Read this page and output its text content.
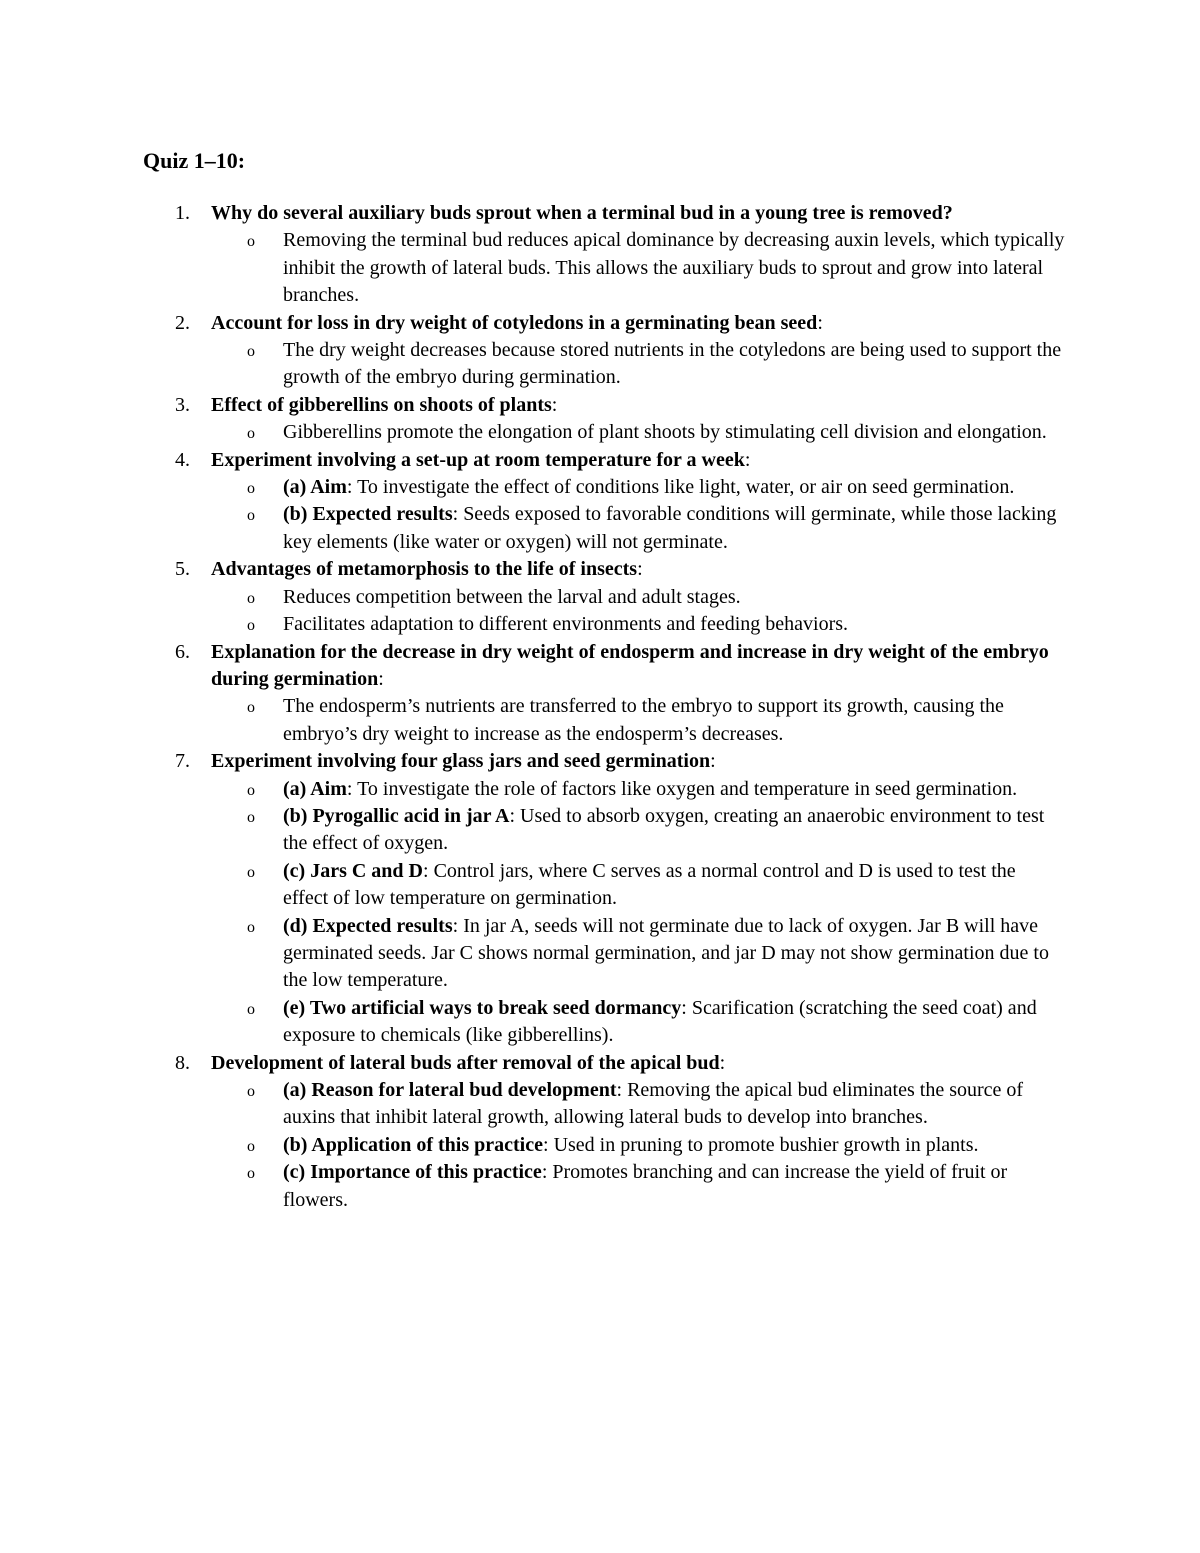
Quiz 1–10:
1.	Why do several auxiliary buds sprout when a terminal bud in a young tree is removed?
o Removing the terminal bud reduces apical dominance by decreasing auxin levels, which typically inhibit the growth of lateral buds. This allows the auxiliary buds to sprout and grow into lateral branches.
2.	Account for loss in dry weight of cotyledons in a germinating bean seed:
o The dry weight decreases because stored nutrients in the cotyledons are being used to support the growth of the embryo during germination.
3.	Effect of gibberellins on shoots of plants:
o Gibberellins promote the elongation of plant shoots by stimulating cell division and elongation.
4.	Experiment involving a set-up at room temperature for a week:
o (a) Aim: To investigate the effect of conditions like light, water, or air on seed germination.
o (b) Expected results: Seeds exposed to favorable conditions will germinate, while those lacking key elements (like water or oxygen) will not germinate.
5.	Advantages of metamorphosis to the life of insects:
o Reduces competition between the larval and adult stages.
o Facilitates adaptation to different environments and feeding behaviors.
6.	Explanation for the decrease in dry weight of endosperm and increase in dry weight of the embryo during germination:
o The endosperm’s nutrients are transferred to the embryo to support its growth, causing the embryo’s dry weight to increase as the endosperm’s decreases.
7.	Experiment involving four glass jars and seed germination:
o (a) Aim: To investigate the role of factors like oxygen and temperature in seed germination.
o (b) Pyrogallic acid in jar A: Used to absorb oxygen, creating an anaerobic environment to test the effect of oxygen.
o (c) Jars C and D: Control jars, where C serves as a normal control and D is used to test the effect of low temperature on germination.
o (d) Expected results: In jar A, seeds will not germinate due to lack of oxygen. Jar B will have germinated seeds. Jar C shows normal germination, and jar D may not show germination due to the low temperature.
o (e) Two artificial ways to break seed dormancy: Scarification (scratching the seed coat) and exposure to chemicals (like gibberellins).
8.	Development of lateral buds after removal of the apical bud:
o (a) Reason for lateral bud development: Removing the apical bud eliminates the source of auxins that inhibit lateral growth, allowing lateral buds to develop into branches.
o (b) Application of this practice: Used in pruning to promote bushier growth in plants.
o (c) Importance of this practice: Promotes branching and can increase the yield of fruit or flowers.
